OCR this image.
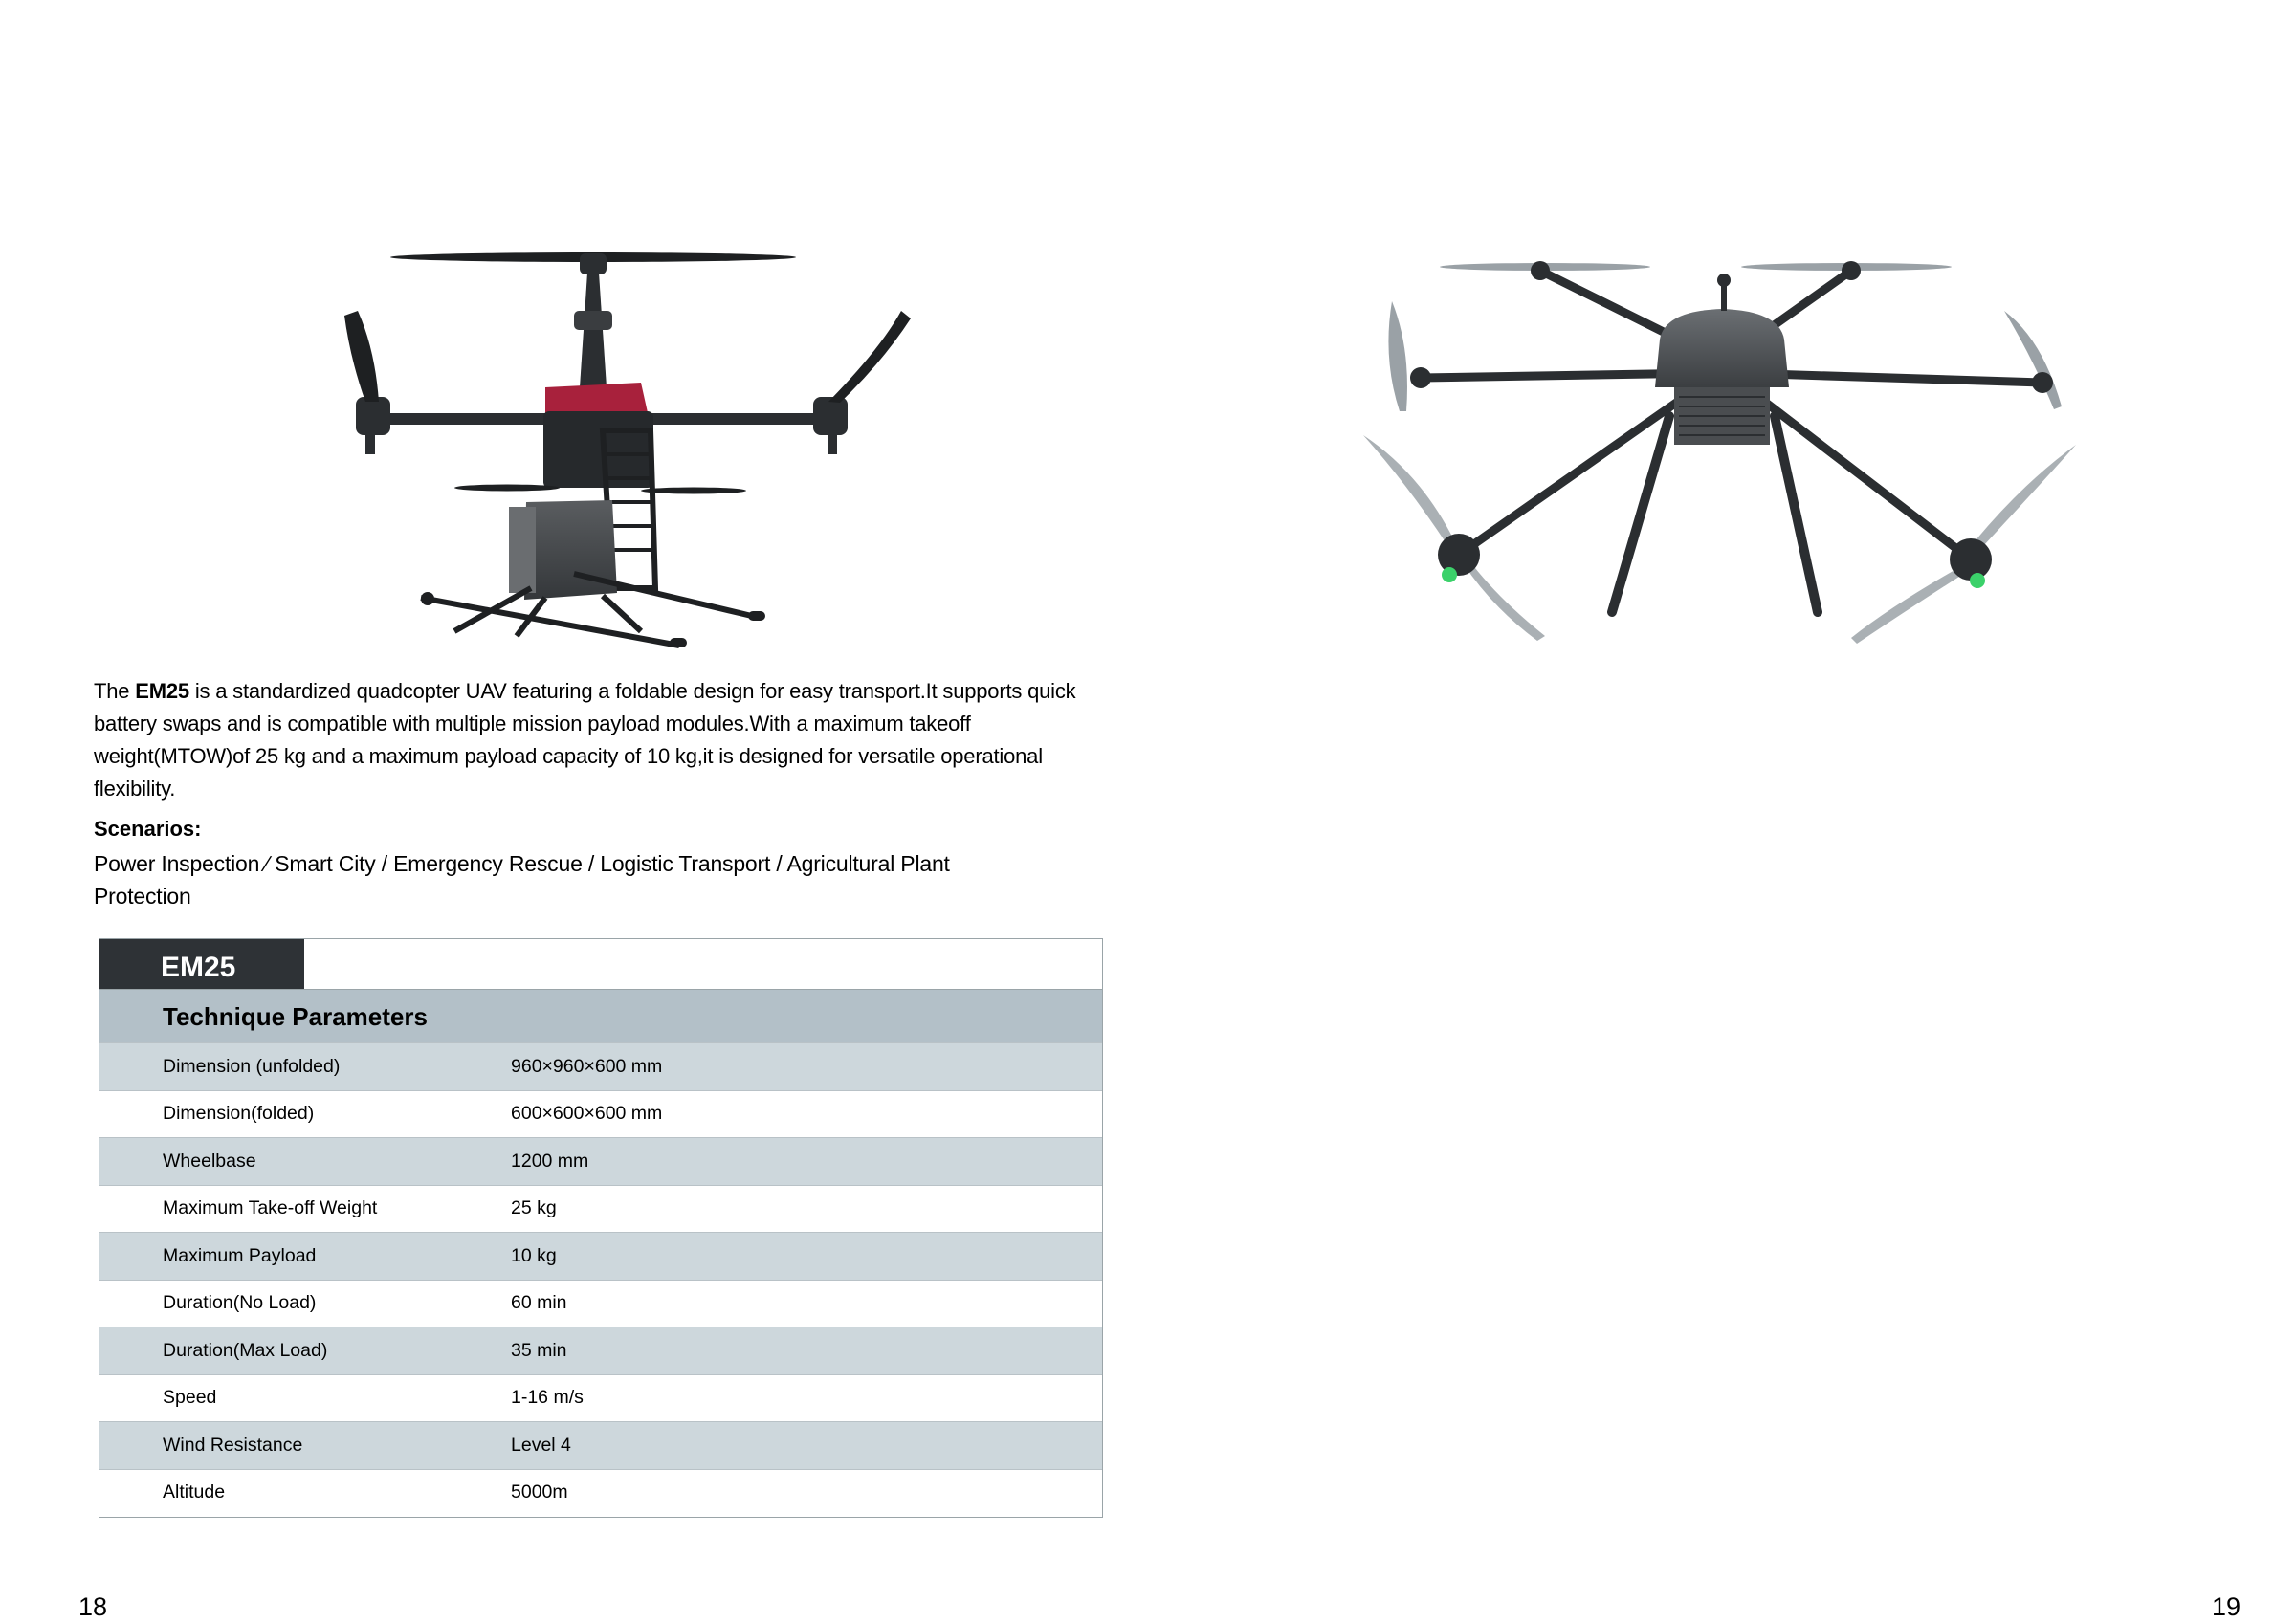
The EM25 is a standardized quadcopter UAV featuring a foldable design for easy transport.It supports quick battery swaps and is compatible with multiple mission payload modules.With a maximum takeoff weight(MTOW)of 25 kg and a maximum payload capacity of 10 kg,it is designed for versatile operational flexibility.
Scenarios:
Power Inspection ∕ Smart City / Emergency Rescue / Logistic Transport / Agricultural Plant Protection
EM25
Technique Parameters
Dimension (unfolded)	960×960×600 mm
Dimension(folded)	600×600×600 mm
Wheelbase	1200 mm
Maximum Take-off Weight	25 kg
Maximum Payload	10 kg
Duration(No Load)	60 min
Duration(Max Load)	35 min
Speed	1-16 m/s
Wind Resistance	Level 4
Altitude	5000m
18	19
